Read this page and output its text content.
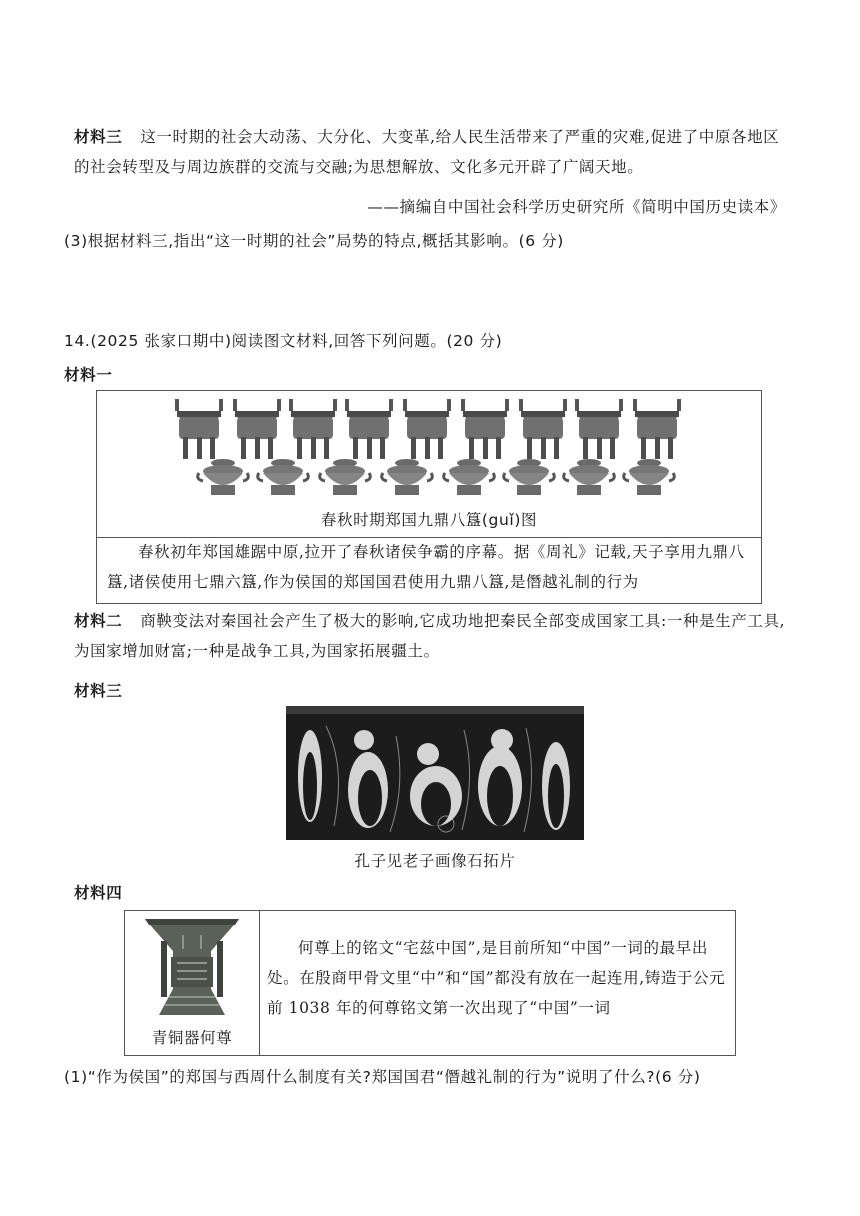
材料三 这一时期的社会大动荡、大分化、大变革,给人民生活带来了严重的灾难,促进了中原各地区的社会转型及与周边族群的交流与交融;为思想解放、文化多元开辟了广阔天地。
——摘编自中国社会科学历史研究所《简明中国历史读本》
(3)根据材料三,指出“这一时期的社会”局势的特点,概括其影响。(6 分)
14.(2025 张家口期中)阅读图文材料,回答下列问题。(20 分)
材料一
春秋时期郑国九鼎八簋(guǐ)图
春秋初年郑国雄踞中原,拉开了春秋诸侯争霸的序幕。据《周礼》记载,天子享用九鼎八簋,诸侯使用七鼎六簋,作为侯国的郑国国君使用九鼎八簋,是僭越礼制的行为
材料二 商鞅变法对秦国社会产生了极大的影响,它成功地把秦民全部变成国家工具:一种是生产工具,为国家增加财富;一种是战争工具,为国家拓展疆土。
材料三
孔子见老子画像石拓片
材料四
青铜器何尊
何尊上的铭文“宅兹中国”,是目前所知“中国”一词的最早出处。在殷商甲骨文里“中”和“国”都没有放在一起连用,铸造于公元前 1038 年的何尊铭文第一次出现了“中国”一词
(1)“作为侯国”的郑国与西周什么制度有关?郑国国君“僭越礼制的行为”说明了什么?(6 分)
